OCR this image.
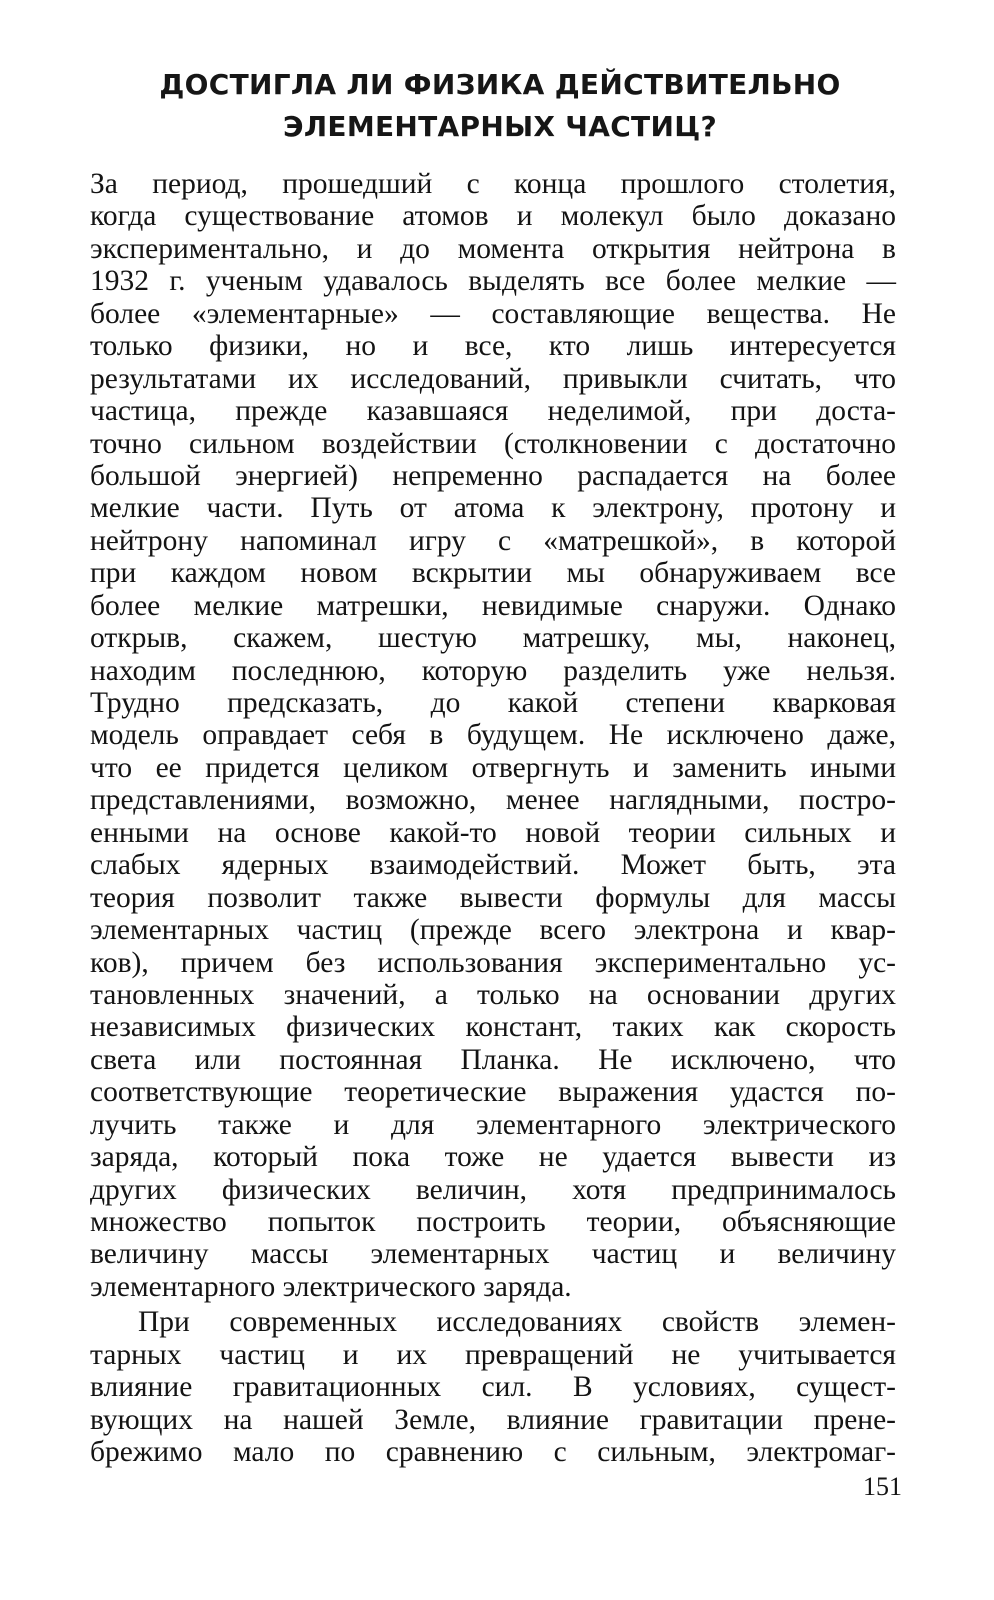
ДОСТИГЛА ЛИ ФИЗИКА ДЕЙСТВИТЕЛЬНО
ЭЛЕМЕНТАРНЫХ ЧАСТИЦ?
За период, прошедший с конца прошлого столетия,
когда существование атомов и молекул было доказано
экспериментально, и до момента открытия нейтрона в
1932 г. ученым удавалось выделять все более мелкие —
более «элементарные» — составляющие вещества. Не
только физики, но и все, кто лишь интересуется
результатами их исследований, привыкли считать, что
частица, прежде казавшаяся неделимой, при доста-
точно сильном воздействии (столкновении с достаточно
большой энергией) непременно распадается на более
мелкие части. Путь от атома к электрону, протону и
нейтрону напоминал игру с «матрешкой», в которой
при каждом новом вскрытии мы обнаруживаем все
более мелкие матрешки, невидимые снаружи. Однако
открыв, скажем, шестую матрешку, мы, наконец,
находим последнюю, которую разделить уже нельзя.
Трудно предсказать, до какой степени кварковая
модель оправдает себя в будущем. Не исключено даже,
что ее придется целиком отвергнуть и заменить иными
представлениями, возможно, менее наглядными, постро-
енными на основе какой-то новой теории сильных и
слабых ядерных взаимодействий. Может быть, эта
теория позволит также вывести формулы для массы
элементарных частиц (прежде всего электрона и квар-
ков), причем без использования экспериментально ус-
тановленных значений, а только на основании других
независимых физических констант, таких как скорость
света или постоянная Планка. Не исключено, что
соответствующие теоретические выражения удастся по-
лучить также и для элементарного электрического
заряда, который пока тоже не удается вывести из
других физических величин, хотя предпринималось
множество попыток построить теории, объясняющие
величину массы элементарных частиц и величину
элементарного электрического заряда.
При современных исследованиях свойств элемен-
тарных частиц и их превращений не учитывается
влияние гравитационных сил. В условиях, сущест-
вующих на нашей Земле, влияние гравитации прене-
брежимо мало по сравнению с сильным, электромаг-
151
